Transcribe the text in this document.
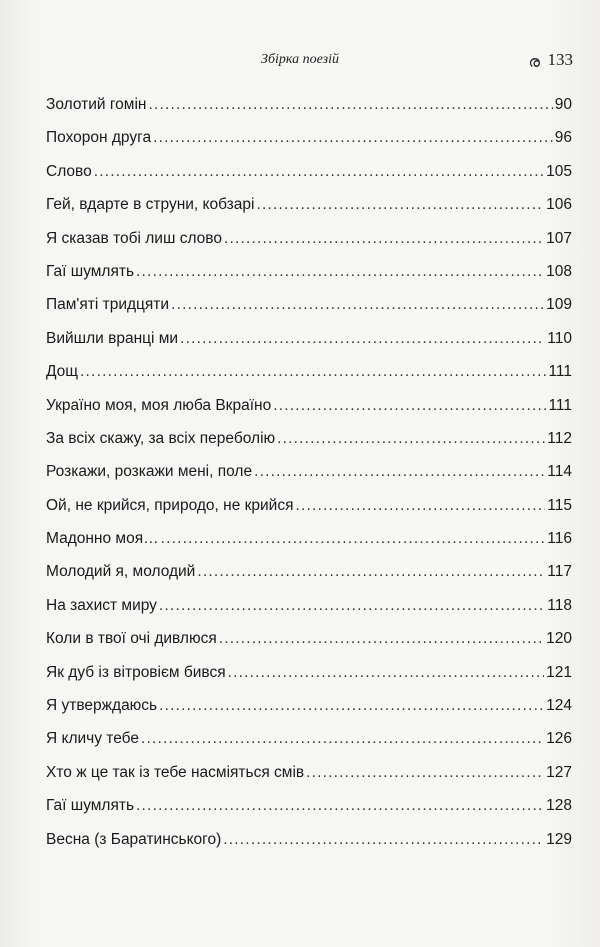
Збірка поезій	ര 133
Золотий гомін .....	90
Похорон друга .....	96
Слово .....	105
Гей, вдарте в струни, кобзарі .....	106
Я сказав тобі лиш слово .....	107
Гаї шумлять .....	108
Пам'яті тридцяти .....	109
Вийшли вранці ми .....	110
Дощ .....	111
Україно моя, моя люба Вкраїно .....	111
За всіх скажу, за всіх переболію .....	112
Розкажи, розкажи мені, поле .....	114
Ой, не крийся, природо, не крийся .....	115
Мадонно моя… .....	116
Молодий я, молодий .....	117
На захист миру .....	118
Коли в твої очі дивлюся .....	120
Як дуб із вітровієм бився .....	121
Я утверждаюсь .....	124
Я кличу тебе .....	126
Хто ж це так із тебе насміяться смів .....	127
Гаї шумлять .....	128
Весна (з Баратинського) .....	129
